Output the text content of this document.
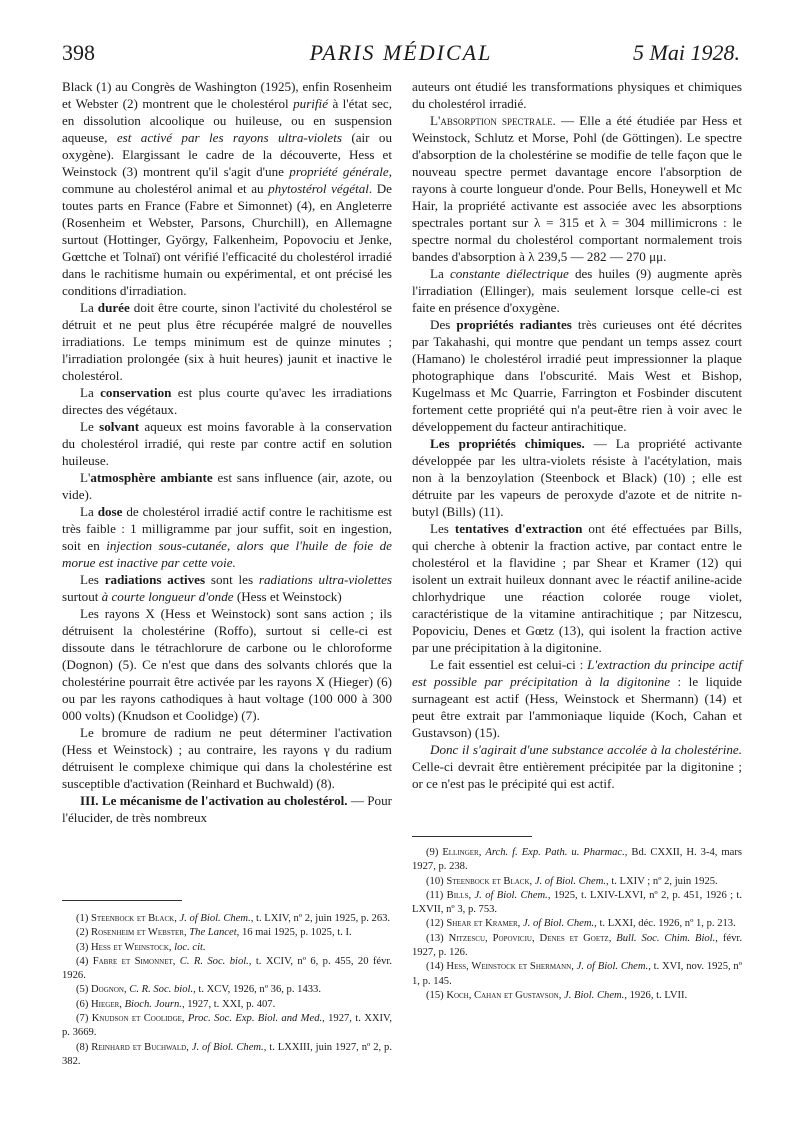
398	PARIS MÉDICAL	5 Mai 1928.

Black (1) au Congrès de Washington (1925), enfin Rosenheim et Webster (2) montrent que le cholestérol purifié à l'état sec, en dissolution alcoolique ou huileuse, ou en suspension aqueuse, est activé par les rayons ultra-violets (air ou oxygène). Elargissant le cadre de la découverte, Hess et Weinstock (3) montrent qu'il s'agit d'une propriété générale, commune au cholestérol animal et au phytostérol végétal. De toutes parts en France (Fabre et Simonnet) (4), en Angleterre (Rosenheim et Webster, Parsons, Churchill), en Allemagne surtout (Hottinger, György, Falkenheim, Popovociu et Jenke, Gœttche et Tolnaï) ont vérifié l'efficacité du cholestérol irradié dans le rachitisme humain ou expérimental, et ont précisé les conditions d'irradiation.

La durée doit être courte, sinon l'activité du cholestérol se détruit et ne peut plus être récupérée malgré de nouvelles irradiations. Le temps minimum est de quinze minutes ; l'irradiation prolongée (six à huit heures) jaunit et inactive le cholestérol.

La conservation est plus courte qu'avec les irradiations directes des végétaux.

Le solvant aqueux est moins favorable à la conservation du cholestérol irradié, qui reste par contre actif en solution huileuse.

L'atmosphère ambiante est sans influence (air, azote, ou vide).

La dose de cholestérol irradié actif contre le rachitisme est très faible : 1 milligramme par jour suffit, soit en ingestion, soit en injection sous-cutanée, alors que l'huile de foie de morue est inactive par cette voie.

Les radiations actives sont les radiations ultra-violettes surtout à courte longueur d'onde (Hess et Weinstock)

Les rayons X (Hess et Weinstock) sont sans action ; ils détruisent la cholestérine (Roffo), surtout si celle-ci est dissoute dans le tétrachlorure de carbone ou le chloroforme (Dognon) (5). Ce n'est que dans des solvants chlorés que la cholestérine pourrait être activée par les rayons X (Hieger) (6) ou par les rayons cathodiques à haut voltage (100 000 à 300 000 volts) (Knudson et Coolidge) (7).

Le bromure de radium ne peut déterminer l'activation (Hess et Weinstock) ; au contraire, les rayons γ du radium détruisent le complexe chimique qui dans la cholestérine est susceptible d'activation (Reinhard et Buchwald) (8).

III. Le mécanisme de l'activation au cholestérol. — Pour l'élucider, de très nombreux

auteurs ont étudié les transformations physiques et chimiques du cholestérol irradié.

L'absorption spectrale. — Elle a été étudiée par Hess et Weinstock, Schlutz et Morse, Pohl (de Göttingen). Le spectre d'absorption de la cholestérine se modifie de telle façon que le nouveau spectre permet davantage encore l'absorption de rayons à courte longueur d'onde. Pour Bells, Honeywell et Mc Hair, la propriété activante est associée avec les absorptions spectrales portant sur λ = 315 et λ = 304 millimicrons : le spectre normal du cholestérol comportant normalement trois bandes d'absorption à λ 239,5 — 282 — 270 μμ.

La constante diélectrique des huiles (9) augmente après l'irradiation (Ellinger), mais seulement lorsque celle-ci est faite en présence d'oxygène.

Des propriétés radiantes très curieuses ont été décrites par Takahashi, qui montre que pendant un temps assez court (Hamano) le cholestérol irradié peut impressionner la plaque photographique dans l'obscurité. Mais West et Bishop, Kugelmass et Mc Quarrie, Farrington et Fosbinder discutent fortement cette propriété qui n'a peut-être rien à voir avec le développement du facteur antirachitique.

Les propriétés chimiques. — La propriété activante développée par les ultra-violets résiste à l'acétylation, mais non à la benzoylation (Steenbock et Black) (10) ; elle est détruite par les vapeurs de peroxyde d'azote et de nitrite n-butyl (Bills) (11).

Les tentatives d'extraction ont été effectuées par Bills, qui cherche à obtenir la fraction active, par contact entre le cholestérol et la flavidine ; par Shear et Kramer (12) qui isolent un extrait huileux donnant avec le réactif aniline-acide chlorhydrique une réaction colorée rouge violet, caractéristique de la vitamine antirachitique ; par Nitzescu, Popoviciu, Denes et Gœtz (13), qui isolent la fraction active par une précipitation à la digitonine.

Le fait essentiel est celui-ci : L'extraction du principe actif est possible par précipitation à la digitonine : le liquide surnageant est actif (Hess, Weinstock et Shermann) (14) et peut être extrait par l'ammoniaque liquide (Koch, Cahan et Gustavson) (15).

Donc il s'agirait d'une substance accolée à la cholestérine. Celle-ci devrait être entièrement précipitée par la digitonine ; or ce n'est pas le précipité qui est actif.

(1) Steenbock et Black, J. of Biol. Chem., t. LXIV, nº 2, juin 1925, p. 263.
(2) Rosenheim et Webster, The Lancet, 16 mai 1925, p. 1025, t. I.
(3) Hess et Weinstock, loc. cit.
(4) Fabre et Simonnet, C. R. Soc. biol., t. XCIV, nº 6, p. 455, 20 févr. 1926.
(5) Dognon, C. R. Soc. biol., t. XCV, 1926, nº 36, p. 1433.
(6) Hieger, Bioch. Journ., 1927, t. XXI, p. 407.
(7) Knudson et Coolidge, Proc. Soc. Exp. Biol. and Med., 1927, t. XXIV, p. 3669.
(8) Reinhard et Buchwald, J. of Biol. Chem., t. LXXIII, juin 1927, nº 2, p. 382.
(9) Ellinger, Arch. f. Exp. Path. u. Pharmac., Bd. CXXII, H. 3-4, mars 1927, p. 238.
(10) Steenbock et Black, J. of Biol. Chem., t. LXIV ; nº 2, juin 1925.
(11) Bills, J. of Biol. Chem., 1925, t. LXIV-LXVI, nº 2, p. 451, 1926 ; t. LXVII, nº 3, p. 753.
(12) Shear et Kramer, J. of Biol. Chem., t. LXXI, déc. 1926, nº 1, p. 213.
(13) Nitzescu, Popoviciu, Denes et Goetz, Bull. Soc. Chim. Biol., févr. 1927, p. 126.
(14) Hess, Weinstock et Shermann, J. of Biol. Chem., t. XVI, nov. 1925, nº 1, p. 145.
(15) Koch, Cahan et Gustavson, J. Biol. Chem., 1926, t. LVII.
